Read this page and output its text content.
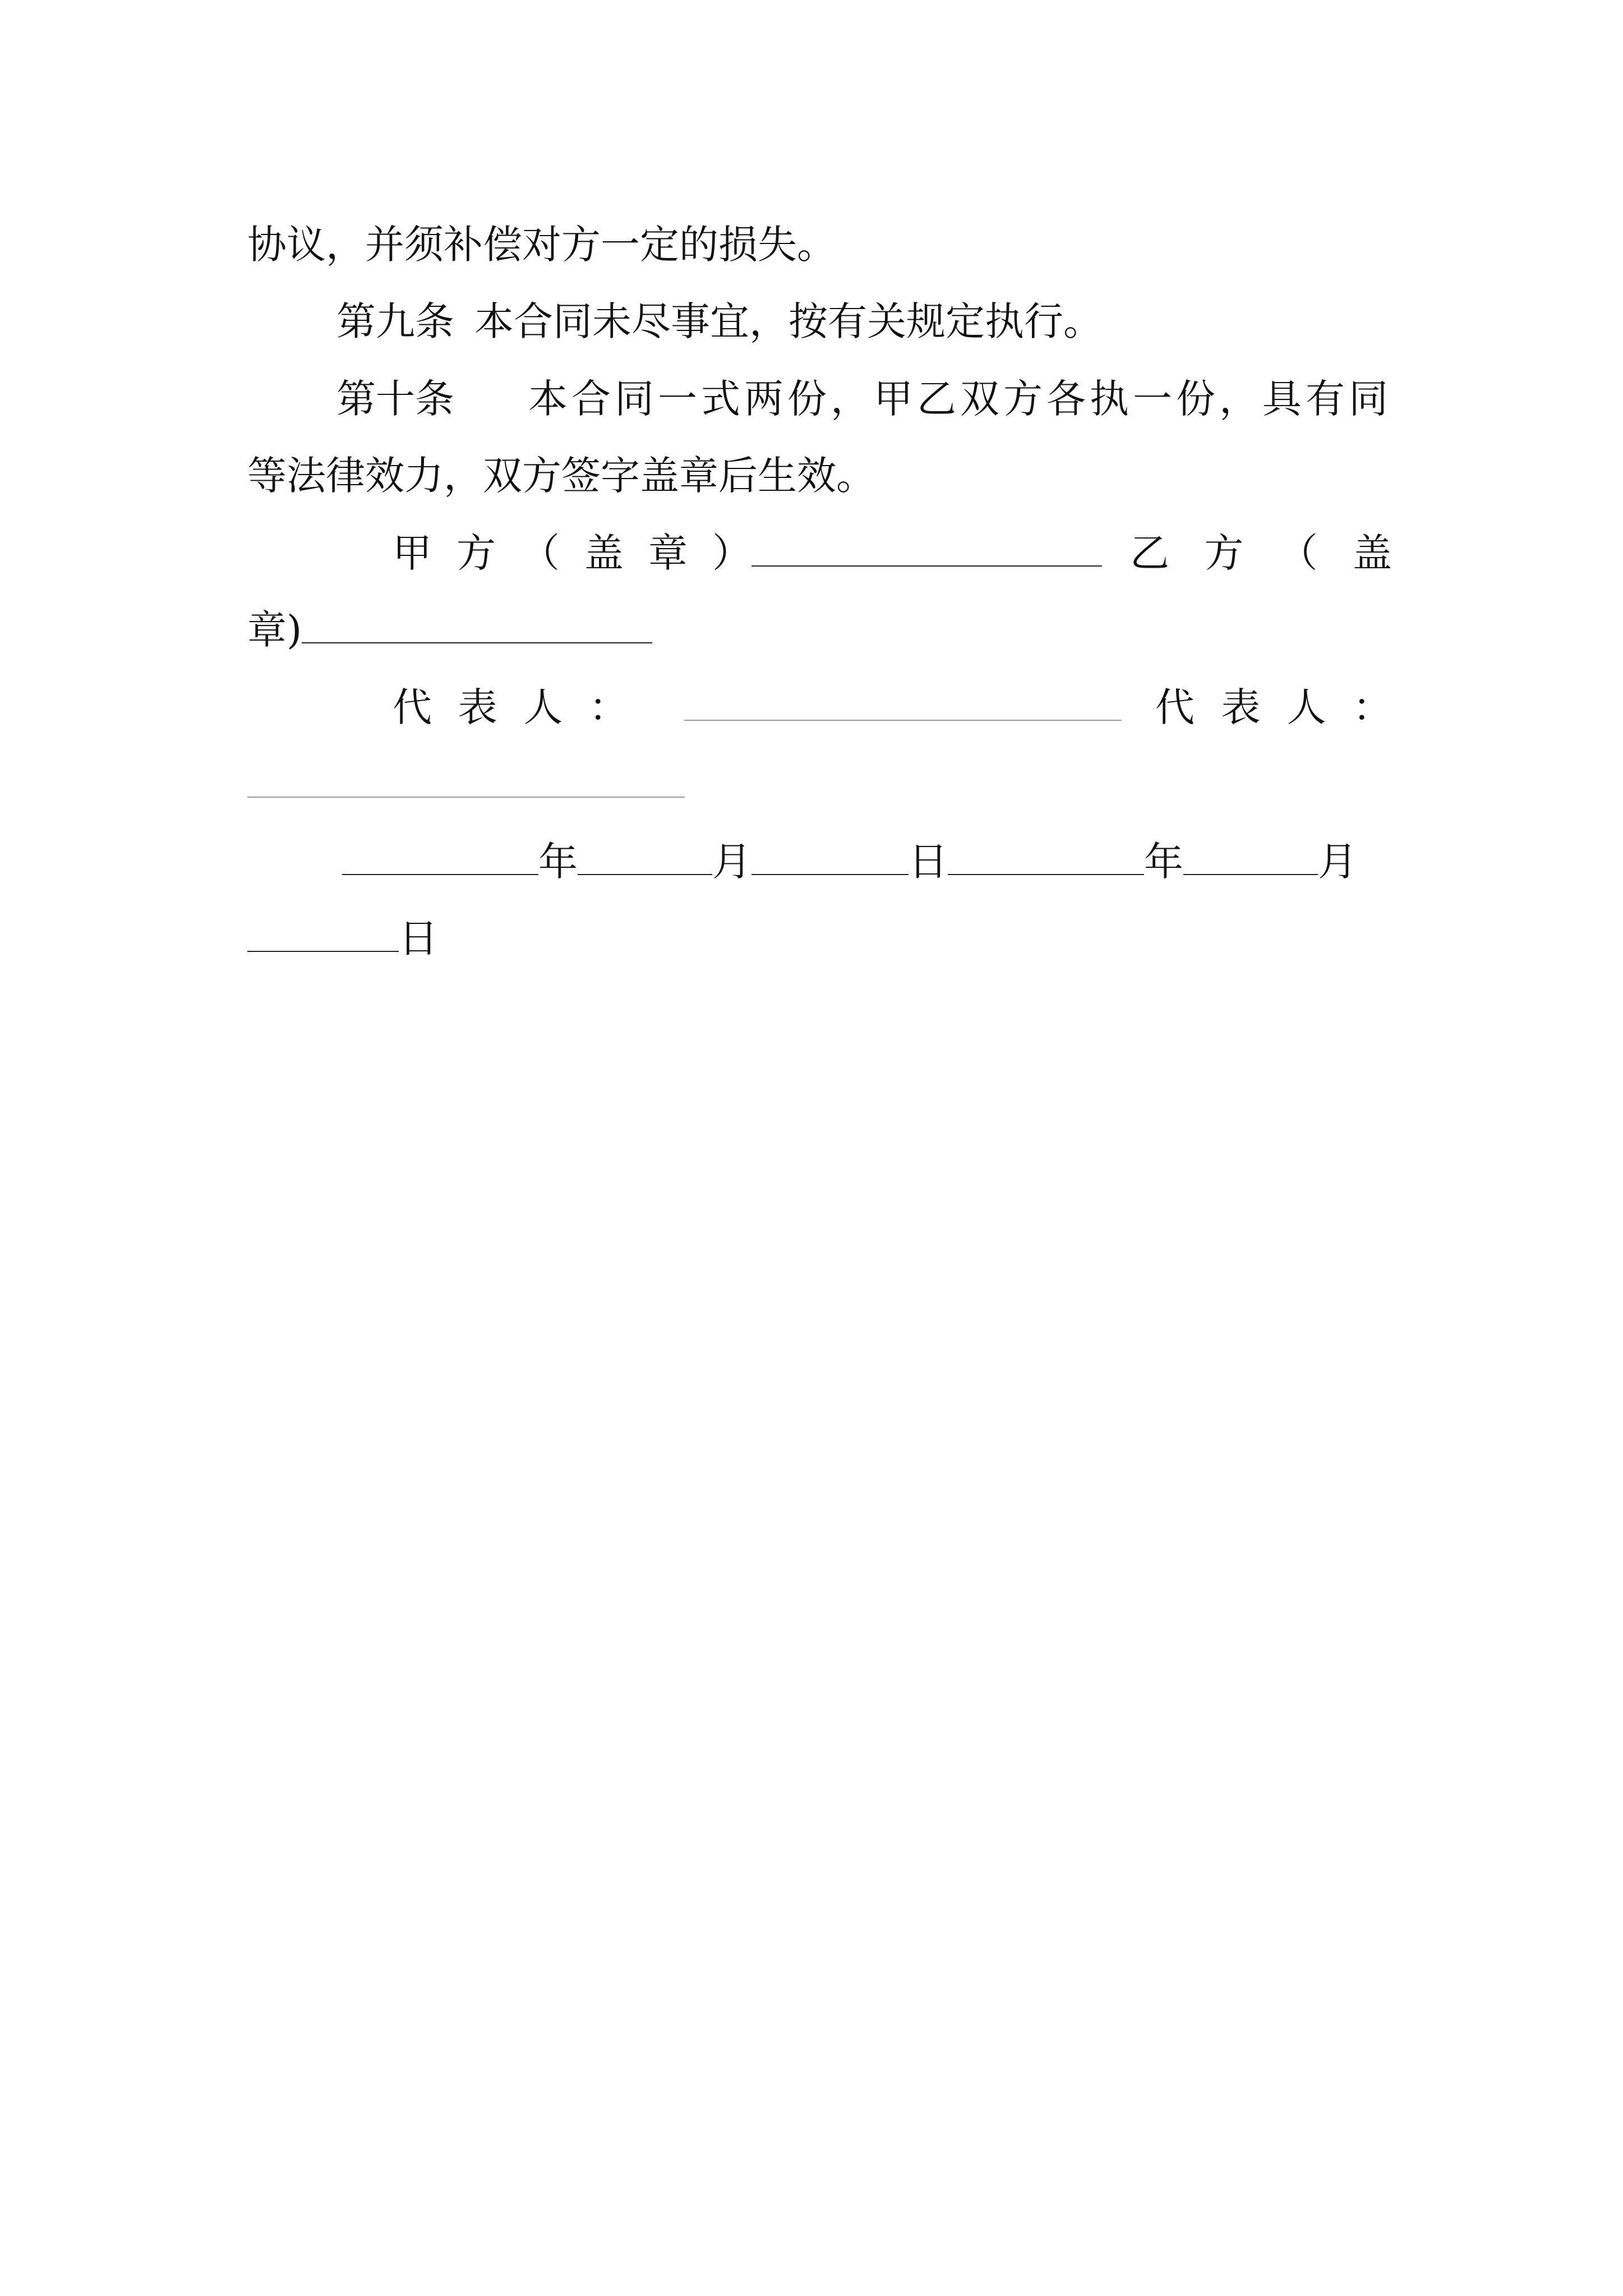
协议，并须补偿对方一定的损失。
第九条 本合同未尽事宜，按有关规定执行。
第十条 本合同一式两份，甲乙双方各执一份，具有同
等法律效力，双方签字盖章后生效。
甲 方 （ 盖 章 ）	乙 方 （ 盖
章)
代 表 人 ：	代 表 人 ：
年	月	日	年	月
日
